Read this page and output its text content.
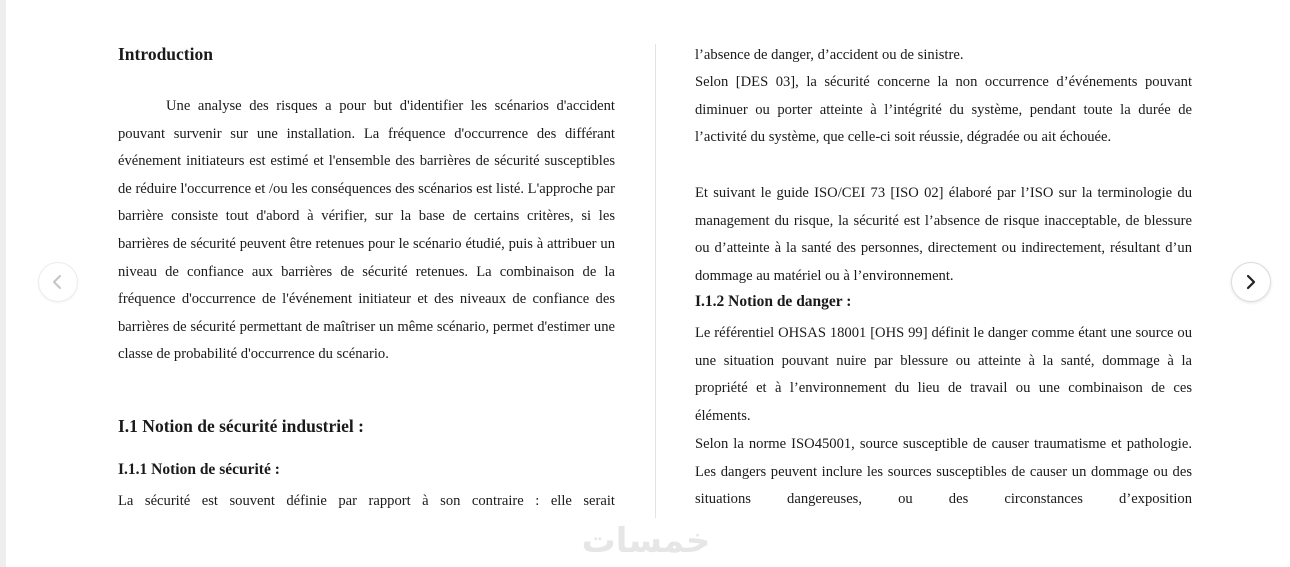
Introduction

Une analyse des risques a pour but d'identifier les scénarios d'accident pouvant survenir sur une installation. La fréquence d'occurrence des différant événement initiateurs est estimé et l'ensemble des barrières de sécurité susceptibles de réduire l'occurrence et /ou les conséquences des scénarios est listé. L'approche par barrière consiste tout d'abord à vérifier, sur la base de certains critères, si les barrières de sécurité peuvent être retenues pour le scénario étudié, puis à attribuer un niveau de confiance aux barrières de sécurité retenues. La combinaison de la fréquence d'occurrence de l'événement initiateur et des niveaux de confiance des barrières de sécurité permettant de maîtriser un même scénario, permet d'estimer une classe de probabilité d'occurrence du scénario.

I.1 Notion de sécurité industriel :
I.1.1 Notion de sécurité :

La sécurité est souvent définie par rapport à son contraire : elle serait

l’absence de danger, d’accident ou de sinistre.

Selon [DES 03], la sécurité concerne la non occurrence d’événements pouvant diminuer ou porter atteinte à l’intégrité du système, pendant toute la durée de l’activité du système, que celle-ci soit réussie, dégradée ou ait échouée.

Et suivant le guide ISO/CEI 73 [ISO 02] élaboré par l’ISO sur la terminologie du management du risque, la sécurité est l’absence de risque inacceptable, de blessure ou d’atteinte à la santé des personnes, directement ou indirectement, résultant d’un dommage au matériel ou à l’environnement.

I.1.2 Notion de danger :

Le référentiel OHSAS 18001 [OHS 99] définit le danger comme étant une source ou une situation pouvant nuire par blessure ou atteinte à la santé, dommage à la propriété et à l’environnement du lieu de travail ou une combinaison de ces éléments.

Selon la norme ISO45001, source susceptible de causer traumatisme et pathologie. Les dangers peuvent inclure les sources susceptibles de causer un dommage ou des situations dangereuses, ou des circonstances d’exposition

خمسات
